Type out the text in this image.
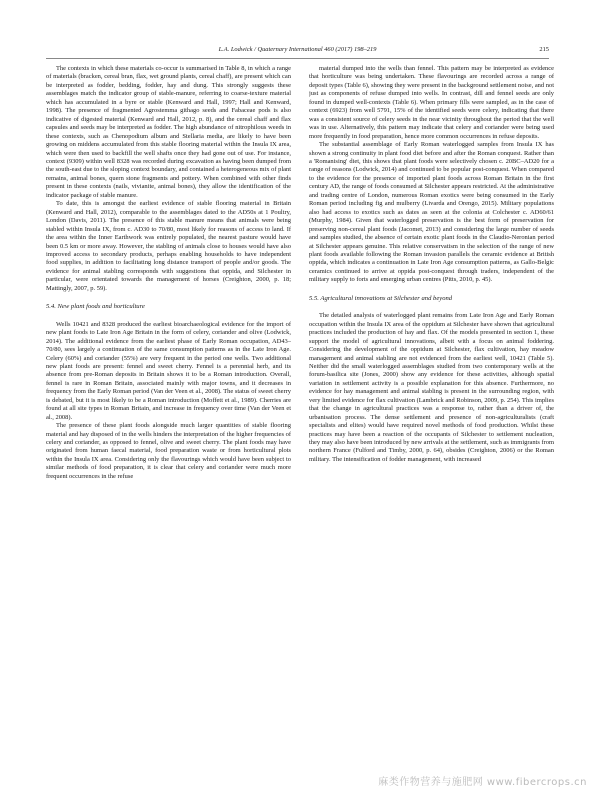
L.A. Lodwick / Quaternary International 460 (2017) 198–219	215

The contexts in which these materials co-occur is summarised in Table 8, in which a range of materials (bracken, cereal bran, flax, wet ground plants, cereal chaff), are present which can be interpreted as fodder, bedding, fodder, hay and dung. This strongly suggests these assemblages match the indicator group of stable-manure, referring to coarse-texture material which has accumulated in a byre or stable (Kenward and Hall, 1997; Hall and Kenward, 1998). The presence of fragmented Agrostemma githago seeds and Fabaceae pods is also indicative of digested material (Kenward and Hall, 2012, p. 8), and the cereal chaff and flax capsules and seeds may be interpreted as fodder. The high abundance of nitrophilous weeds in these contexts, such as Chenopodium album and Stellaria media, are likely to have been growing on middens accumulated from this stable flooring material within the Insula IX area, which were then used to backfill the well shafts once they had gone out of use. For instance, context (9309) within well 8328 was recorded during excavation as having been dumped from the south-east due to the sloping context boundary, and contained a heterogeneous mix of plant remains, animal bones, quern stone fragments and pottery. When combined with other finds present in these contexts (nails, vivianite, animal bones), they allow the identification of the indicator package of stable manure.

To date, this is amongst the earliest evidence of stable flooring material in Britain (Kenward and Hall, 2012), comparable to the assemblages dated to the AD50s at 1 Poultry, London (Davis, 2011). The presence of this stable manure means that animals were being stabled within Insula IX, from c. AD30 to 70/80, most likely for reasons of access to land. If the area within the Inner Earthwork was entirely populated, the nearest pasture would have been 0.5 km or more away. However, the stabling of animals close to houses would have also improved access to secondary products, perhaps enabling households to have independent food supplies, in addition to facilitating long distance transport of people and/or goods. The evidence for animal stabling corresponds with suggestions that oppida, and Silchester in particular, were orientated towards the management of horses (Creighton, 2000, p. 18; Mattingly, 2007, p. 59).

5.4. New plant foods and horticulture

Wells 10421 and 8328 produced the earliest bioarchaeological evidence for the import of new plant foods to Late Iron Age Britain in the form of celery, coriander and olive (Lodwick, 2014). The additional evidence from the earliest phase of Early Roman occupation, AD43–70/80, sees largely a continuation of the same consumption patterns as in the Late Iron Age. Celery (60%) and coriander (55%) are very frequent in the period one wells. Two additional new plant foods are present: fennel and sweet cherry. Fennel is a perennial herb, and its absence from pre-Roman deposits in Britain shows it to be a Roman introduction. Overall, fennel is rare in Roman Britain, associated mainly with major towns, and it decreases in frequency from the Early Roman period (Van der Veen et al., 2008). The status of sweet cherry is debated, but it is most likely to be a Roman introduction (Moffett et al., 1989). Cherries are found at all site types in Roman Britain, and increase in frequency over time (Van der Veen et al., 2008).

The presence of these plant foods alongside much larger quantities of stable flooring material and hay disposed of in the wells hinders the interpretation of the higher frequencies of celery and coriander, as opposed to fennel, olive and sweet cherry. The plant foods may have originated from human faecal material, food preparation waste or from horticultural plots within the Insula IX area. Considering only the flavourings which would have been subject to similar methods of food preparation, it is clear that celery and coriander were much more frequent occurrences in the refuse

material dumped into the wells than fennel. This pattern may be interpreted as evidence that horticulture was being undertaken. These flavourings are recorded across a range of deposit types (Table 6), showing they were present in the background settlement noise, and not just as components of refuse dumped into wells. In contrast, dill and fennel seeds are only found in dumped well-contexts (Table 6). When primary fills were sampled, as in the case of context (6923) from well 5791, 15% of the identified seeds were celery, indicating that there was a consistent source of celery seeds in the near vicinity throughout the period that the well was in use. Alternatively, this pattern may indicate that celery and coriander were being used more frequently in food preparation, hence more common occurrences in refuse deposits.

The substantial assemblage of Early Roman waterlogged samples from Insula IX has shown a strong continuity in plant food diet before and after the Roman conquest. Rather than a 'Romanising' diet, this shows that plant foods were selectively chosen c. 20BC–AD20 for a range of reasons (Lodwick, 2014) and continued to be popular post-conquest. When compared to the evidence for the presence of imported plant foods across Roman Britain in the first century AD, the range of foods consumed at Silchester appears restricted. At the administrative and trading centre of London, numerous Roman exotics were being consumed in the Early Roman period including fig and mulberry (Livarda and Orengo, 2015). Military populations also had access to exotics such as dates as seen at the colonia at Colchester c. AD60/61 (Murphy, 1984). Given that waterlogged preservation is the best form of preservation for preserving non-cereal plant foods (Jacomet, 2013) and considering the large number of seeds and samples studied, the absence of certain exotic plant foods in the Claudio-Neronian period at Silchester appears genuine. This relative conservatism in the selection of the range of new plant foods available following the Roman invasion parallels the ceramic evidence at British oppida, which indicates a continuation in Late Iron Age consumption patterns, as Gallo-Belgic ceramics continued to arrive at oppida post-conquest through traders, independent of the military supply to forts and emerging urban centres (Pitts, 2010, p. 45).

5.5. Agricultural innovations at Silchester and beyond

The detailed analysis of waterlogged plant remains from Late Iron Age and Early Roman occupation within the Insula IX area of the oppidum at Silchester have shown that agricultural practices included the production of hay and flax. Of the models presented in section 1, these support the model of agricultural innovations, albeit with a focus on animal foddering. Considering the development of the oppidum at Silchester, flax cultivation, hay meadow management and animal stabling are not evidenced from the earliest well, 10421 (Table 5). Neither did the small waterlogged assemblages studied from two contemporary wells at the forum-basilica site (Jones, 2000) show any evidence for these activities, although spatial variation in settlement activity is a possible explanation for this absence. Furthermore, no evidence for hay management and animal stabling is present in the surrounding region, with very limited evidence for flax cultivation (Lambrick and Robinson, 2009, p. 254). This implies that the change in agricultural practices was a response to, rather than a driver of, the urbanisation process. The dense settlement and presence of non-agriculturalists (craft specialists and elites) would have required novel methods of food production. Whilst these practices may have been a reaction of the occupants of Silchester to settlement nucleation, they may also have been introduced by new arrivals at the settlement, such as immigrants from northern France (Fulford and Timby, 2000, p. 64), obsides (Creighton, 2006) or the Roman military. The intensification of fodder management, with increased

麻类作物营养与施肥网 www.fibercrops.cn
